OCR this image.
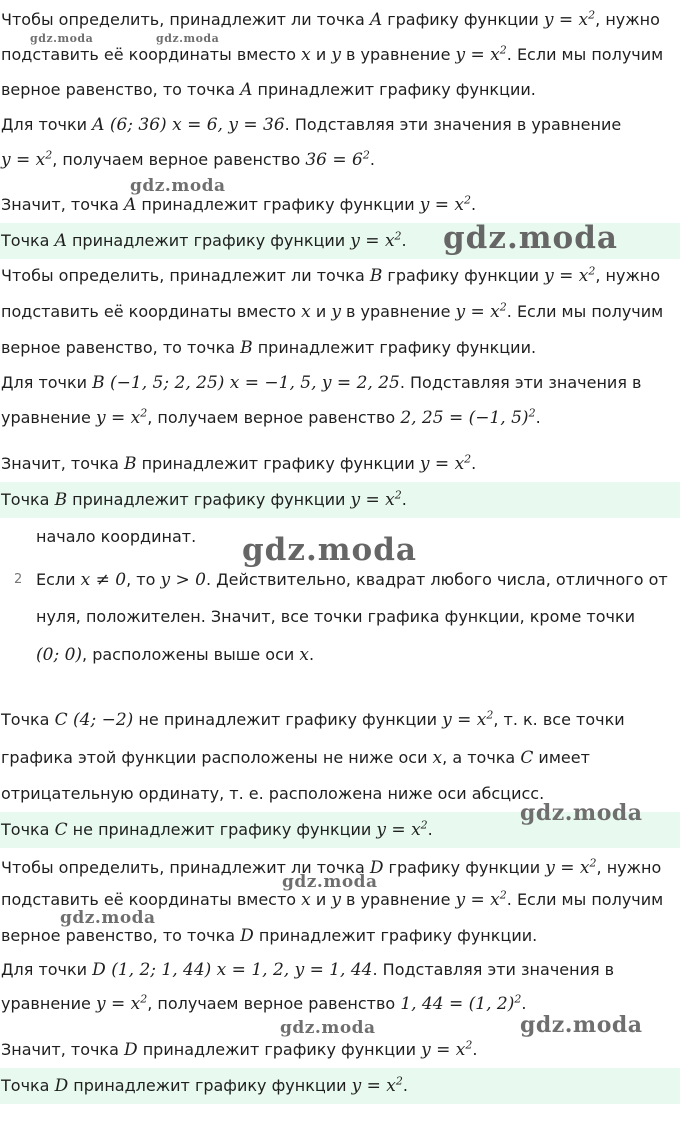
Чтобы определить, принадлежит ли точка A графику функции $y = x^2$, нужно
подставить её координаты вместо x и y в уравнение $y = x^2$. Если мы получим
верное равенство, то точка A принадлежит графику функции.
Для точки A (6; 36) x = 6, y = 36. Подставляя эти значения в уравнение
$y = x^2$, получаем верное равенство $36 = 6^2$.
Значит, точка A принадлежит графику функции $y = x^2$.
Точка A принадлежит графику функции $y = x^2$.
Чтобы определить, принадлежит ли точка B графику функции $y = x^2$, нужно
подставить её координаты вместо x и y в уравнение $y = x^2$. Если мы получим
верное равенство, то точка B принадлежит графику функции.
Для точки B (−1, 5; 2, 25) x = −1, 5, y = 2, 25. Подставляя эти значения в
уравнение $y = x^2$, получаем верное равенство 2, 25 = (−1, 5)$^2$.
Значит, точка B принадлежит графику функции $y = x^2$.
Точка B принадлежит графику функции $y = x^2$.
начало координат.
2 Если x ≠ 0, то y > 0. Действительно, квадрат любого числа, отличного от
нуля, положителен. Значит, все точки графика функции, кроме точки
(0; 0), расположены выше оси x.
Точка C (4; −2) не принадлежит графику функции $y = x^2$, т. к. все точки
графика этой функции расположены не ниже оси x, а точка C имеет
отрицательную ординату, т. е. расположена ниже оси абсцисс.
Точка C не принадлежит графику функции $y = x^2$.
Чтобы определить, принадлежит ли точка D графику функции $y = x^2$, нужно
подставить её координаты вместо x и y в уравнение $y = x^2$. Если мы получим
верное равенство, то точка D принадлежит графику функции.
Для точки D (1, 2; 1, 44) x = 1, 2, y = 1, 44. Подставляя эти значения в
уравнение $y = x^2$, получаем верное равенство 1, 44 = (1, 2)$^2$.
Значит, точка D принадлежит графику функции $y = x^2$.
Точка D принадлежит графику функции $y = x^2$.
gdz.moda	gdz.moda
gdz.moda
gdz.moda
gdz.moda
gdz.moda
gdz.moda
gdz.moda
gdz.moda	gdz.moda
